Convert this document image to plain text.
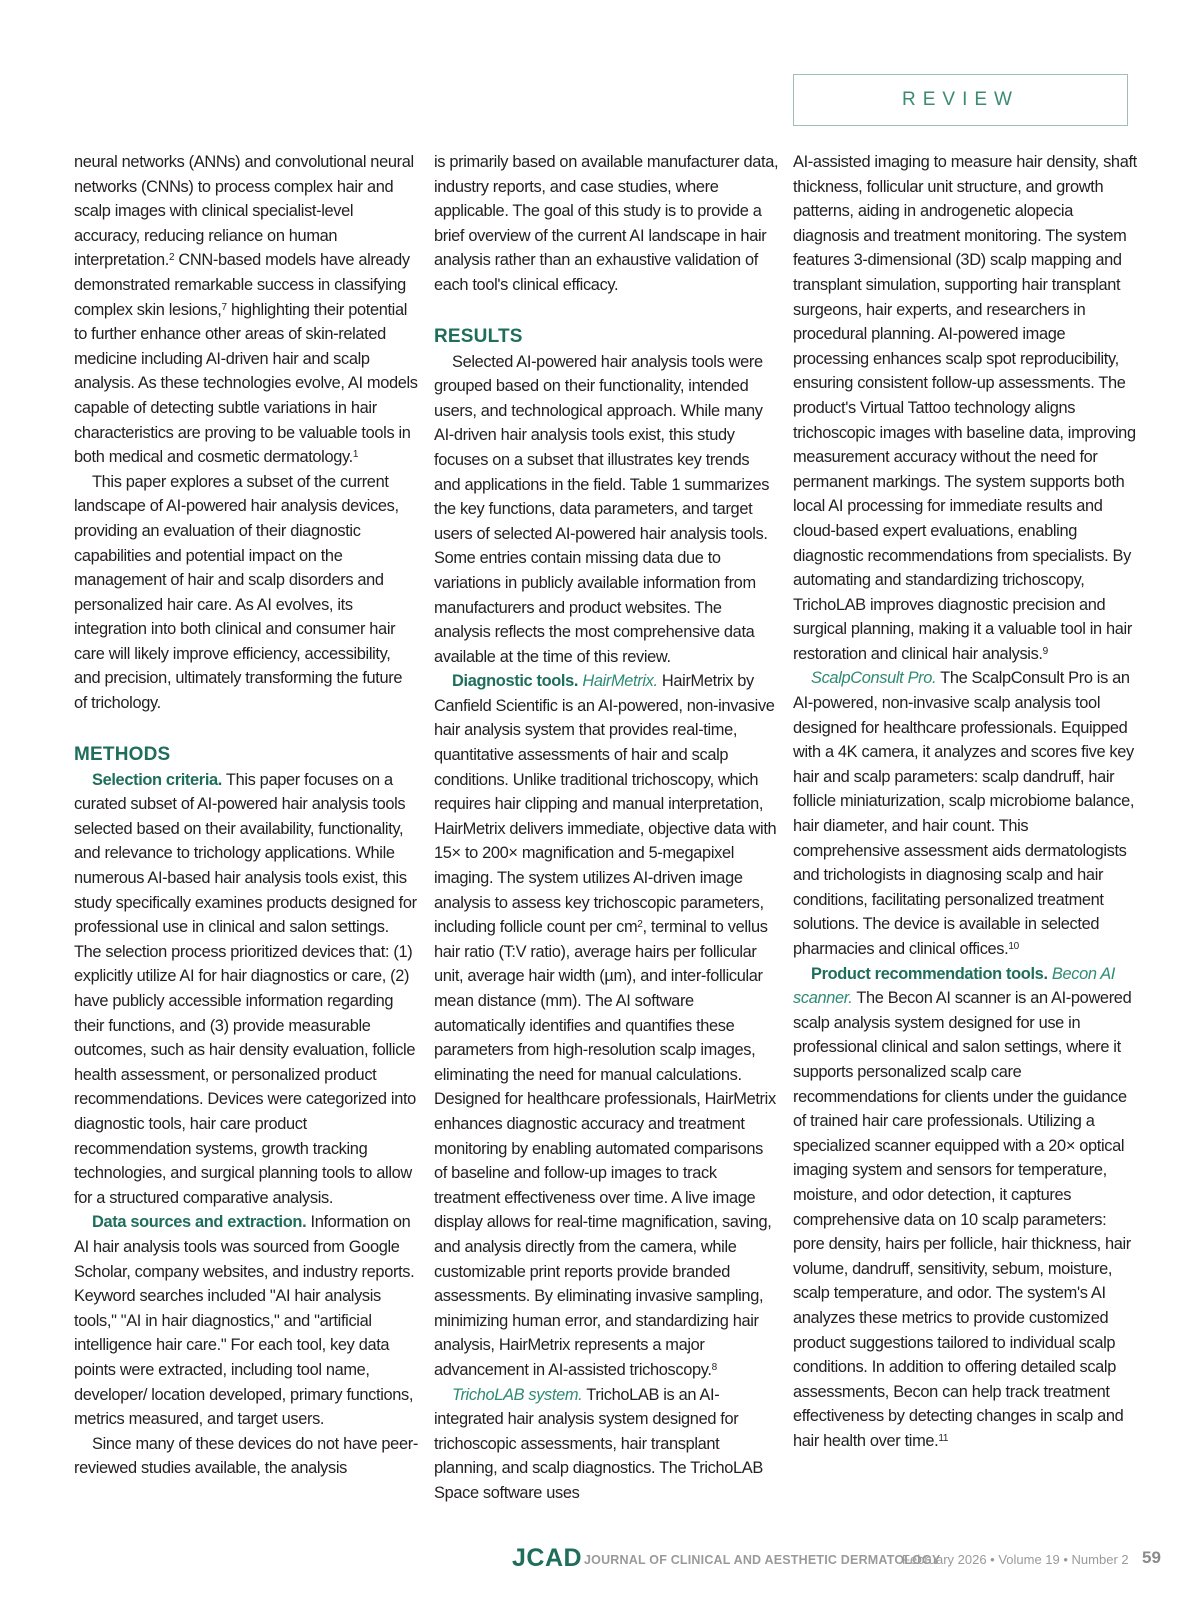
REVIEW

neural networks (ANNs) and convolutional neural networks (CNNs) to process complex hair and scalp images with clinical specialist-level accuracy, reducing reliance on human interpretation.$^2$ CNN-based models have already demonstrated remarkable success in classifying complex skin lesions,$^7$ highlighting their potential to further enhance other areas of skin-related medicine including AI-driven hair and scalp analysis. As these technologies evolve, AI models capable of detecting subtle variations in hair characteristics are proving to be valuable tools in both medical and cosmetic dermatology.$^1$

This paper explores a subset of the current landscape of AI-powered hair analysis devices, providing an evaluation of their diagnostic capabilities and potential impact on the management of hair and scalp disorders and personalized hair care. As AI evolves, its integration into both clinical and consumer hair care will likely improve efficiency, accessibility, and precision, ultimately transforming the future of trichology.

METHODS

Selection criteria. This paper focuses on a curated subset of AI-powered hair analysis tools selected based on their availability, functionality, and relevance to trichology applications. While numerous AI-based hair analysis tools exist, this study specifically examines products designed for professional use in clinical and salon settings. The selection process prioritized devices that: (1) explicitly utilize AI for hair diagnostics or care, (2) have publicly accessible information regarding their functions, and (3) provide measurable outcomes, such as hair density evaluation, follicle health assessment, or personalized product recommendations. Devices were categorized into diagnostic tools, hair care product recommendation systems, growth tracking technologies, and surgical planning tools to allow for a structured comparative analysis.

Data sources and extraction. Information on AI hair analysis tools was sourced from Google Scholar, company websites, and industry reports. Keyword searches included "AI hair analysis tools," "AI in hair diagnostics," and "artificial intelligence hair care." For each tool, key data points were extracted, including tool name, developer/ location developed, primary functions, metrics measured, and target users.

Since many of these devices do not have peer-reviewed studies available, the analysis

is primarily based on available manufacturer data, industry reports, and case studies, where applicable. The goal of this study is to provide a brief overview of the current AI landscape in hair analysis rather than an exhaustive validation of each tool's clinical efficacy.

RESULTS

Selected AI-powered hair analysis tools were grouped based on their functionality, intended users, and technological approach. While many AI-driven hair analysis tools exist, this study focuses on a subset that illustrates key trends and applications in the field. Table 1 summarizes the key functions, data parameters, and target users of selected AI-powered hair analysis tools. Some entries contain missing data due to variations in publicly available information from manufacturers and product websites. The analysis reflects the most comprehensive data available at the time of this review.

Diagnostic tools. HairMetrix. HairMetrix by Canfield Scientific is an AI-powered, non-invasive hair analysis system that provides real-time, quantitative assessments of hair and scalp conditions. Unlike traditional trichoscopy, which requires hair clipping and manual interpretation, HairMetrix delivers immediate, objective data with 15× to 200× magnification and 5-megapixel imaging. The system utilizes AI-driven image analysis to assess key trichoscopic parameters, including follicle count per $cm^2$, terminal to vellus hair ratio (T:V ratio), average hairs per follicular unit, average hair width (µm), and inter-follicular mean distance (mm). The AI software automatically identifies and quantifies these parameters from high-resolution scalp images, eliminating the need for manual calculations. Designed for healthcare professionals, HairMetrix enhances diagnostic accuracy and treatment monitoring by enabling automated comparisons of baseline and follow-up images to track treatment effectiveness over time. A live image display allows for real-time magnification, saving, and analysis directly from the camera, while customizable print reports provide branded assessments. By eliminating invasive sampling, minimizing human error, and standardizing hair analysis, HairMetrix represents a major advancement in AI-assisted trichoscopy.$^8$

TrichoLAB system. TrichoLAB is an AI-integrated hair analysis system designed for trichoscopic assessments, hair transplant planning, and scalp diagnostics. The TrichoLAB Space software uses

AI-assisted imaging to measure hair density, shaft thickness, follicular unit structure, and growth patterns, aiding in androgenetic alopecia diagnosis and treatment monitoring. The system features 3-dimensional (3D) scalp mapping and transplant simulation, supporting hair transplant surgeons, hair experts, and researchers in procedural planning. AI-powered image processing enhances scalp spot reproducibility, ensuring consistent follow-up assessments. The product's Virtual Tattoo technology aligns trichoscopic images with baseline data, improving measurement accuracy without the need for permanent markings. The system supports both local AI processing for immediate results and cloud-based expert evaluations, enabling diagnostic recommendations from specialists. By automating and standardizing trichoscopy, TrichoLAB improves diagnostic precision and surgical planning, making it a valuable tool in hair restoration and clinical hair analysis.$^9$

ScalpConsult Pro. The ScalpConsult Pro is an AI-powered, non-invasive scalp analysis tool designed for healthcare professionals. Equipped with a 4K camera, it analyzes and scores five key hair and scalp parameters: scalp dandruff, hair follicle miniaturization, scalp microbiome balance, hair diameter, and hair count. This comprehensive assessment aids dermatologists and trichologists in diagnosing scalp and hair conditions, facilitating personalized treatment solutions. The device is available in selected pharmacies and clinical offices.$^{10}$

Product recommendation tools. Becon AI scanner. The Becon AI scanner is an AI-powered scalp analysis system designed for use in professional clinical and salon settings, where it supports personalized scalp care recommendations for clients under the guidance of trained hair care professionals. Utilizing a specialized scanner equipped with a 20× optical imaging system and sensors for temperature, moisture, and odor detection, it captures comprehensive data on 10 scalp parameters: pore density, hairs per follicle, hair thickness, hair volume, dandruff, sensitivity, sebum, moisture, scalp temperature, and odor. The system's AI analyzes these metrics to provide customized product suggestions tailored to individual scalp conditions. In addition to offering detailed scalp assessments, Becon can help track treatment effectiveness by detecting changes in scalp and hair health over time.$^{11}$

JCAD JOURNAL OF CLINICAL AND AESTHETIC DERMATOLOGY
February 2026 • Volume 19 • Number 2 59
